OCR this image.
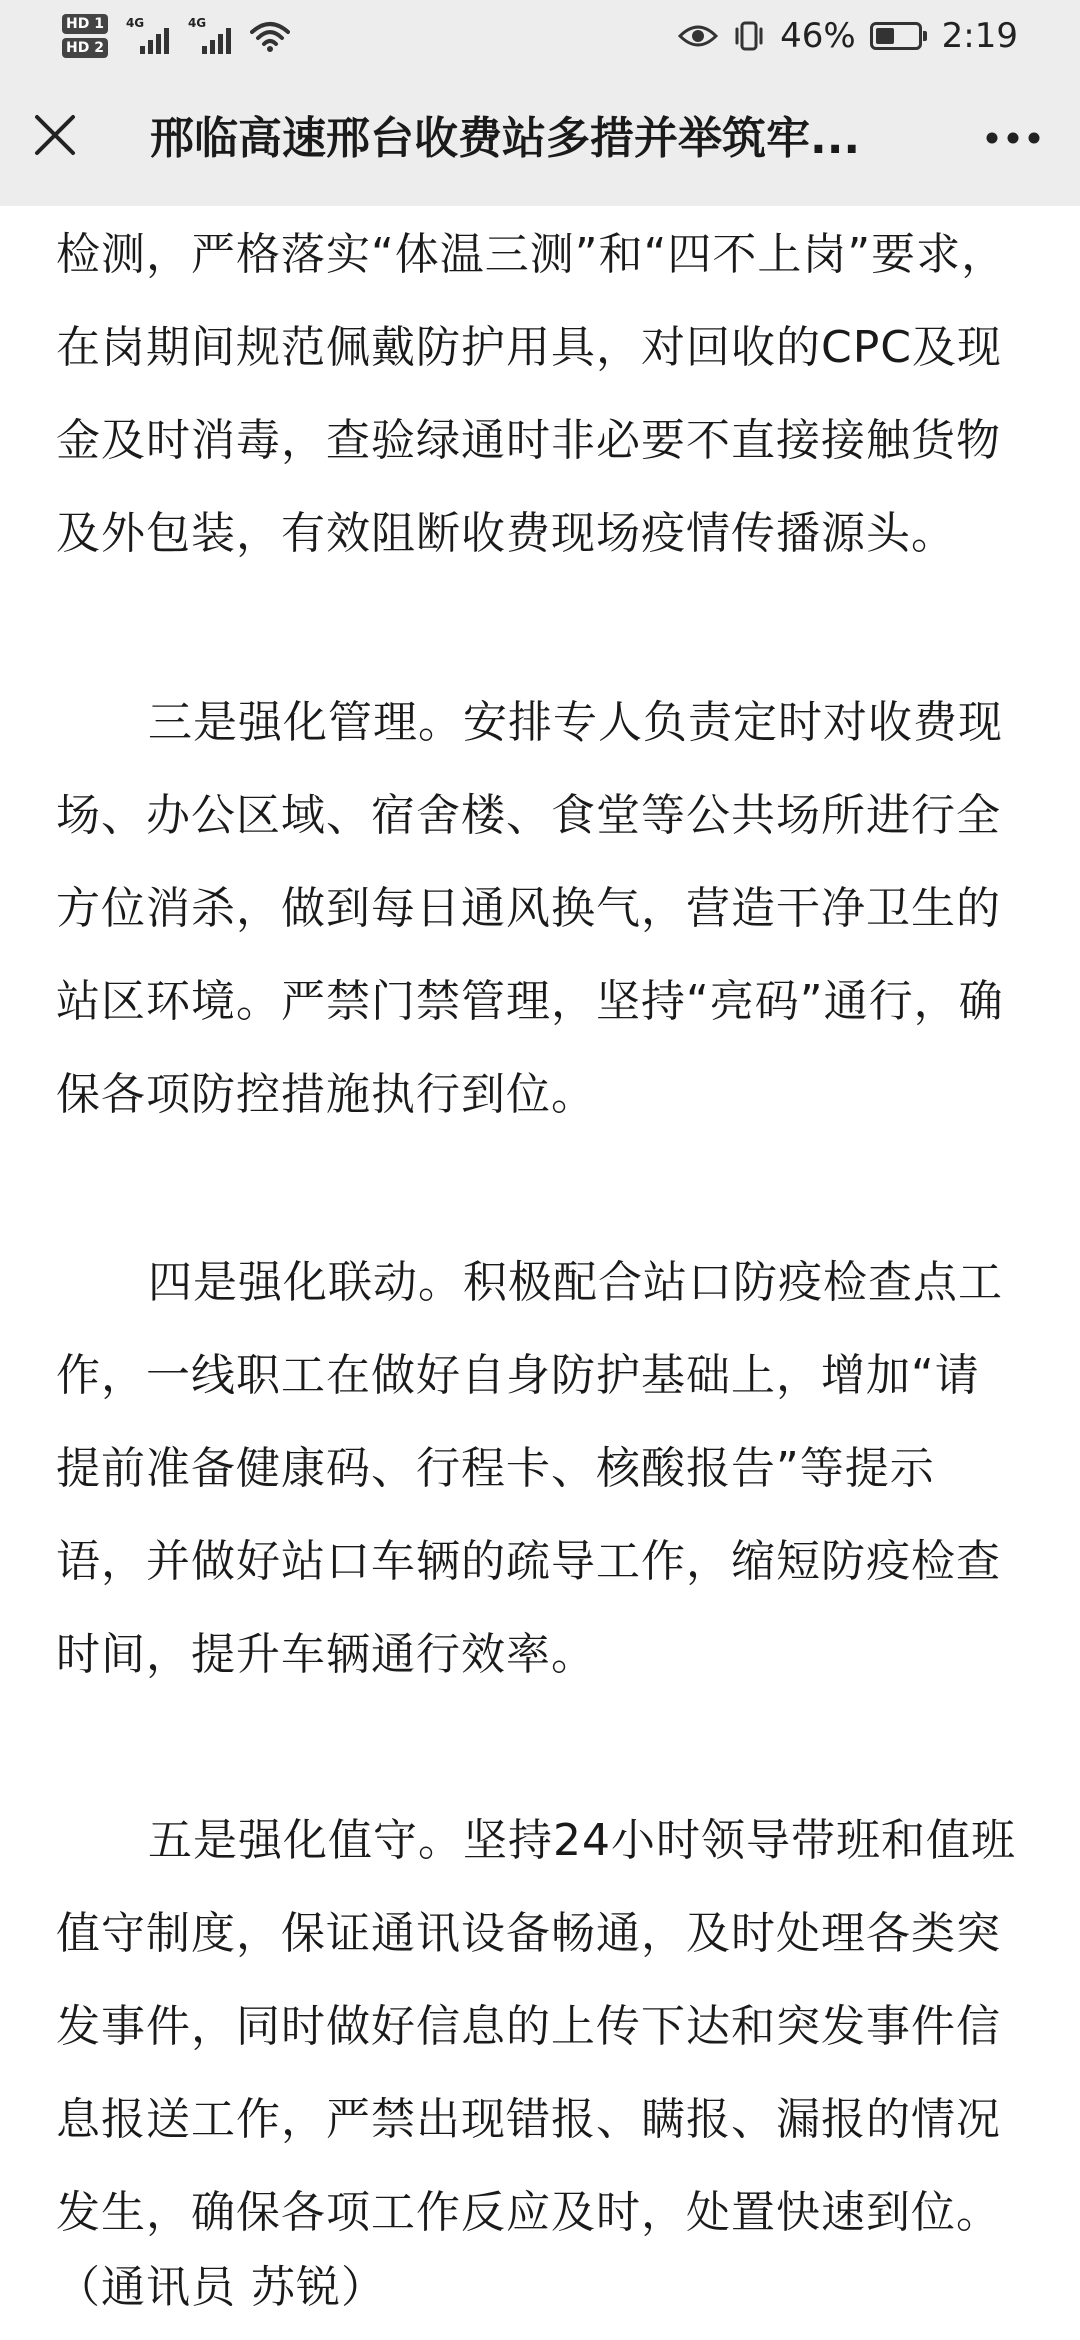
HD 1
HD 2
4G	4G	46%	2:19
邢临高速邢台收费站多措并举筑牢...
检测，严格落实“体温三测”和“四不上岗”要求，
在岗期间规范佩戴防护用具，对回收的CPC及现
金及时消毒，查验绿通时非必要不直接接触货物
及外包装，有效阻断收费现场疫情传播源头。
三是强化管理。安排专人负责定时对收费现
场、办公区域、宿舍楼、食堂等公共场所进行全
方位消杀，做到每日通风换气，营造干净卫生的
站区环境。严禁门禁管理，坚持“亮码”通行，确
保各项防控措施执行到位。
四是强化联动。积极配合站口防疫检查点工
作，一线职工在做好自身防护基础上，增加“请
提前准备健康码、行程卡、核酸报告”等提示
语，并做好站口车辆的疏导工作，缩短防疫检查
时间，提升车辆通行效率。
五是强化值守。坚持24小时领导带班和值班
值守制度，保证通讯设备畅通，及时处理各类突
发事件，同时做好信息的上传下达和突发事件信
息报送工作，严禁出现错报、瞒报、漏报的情况
发生，确保各项工作反应及时，处置快速到位。
（通讯员 苏锐）
